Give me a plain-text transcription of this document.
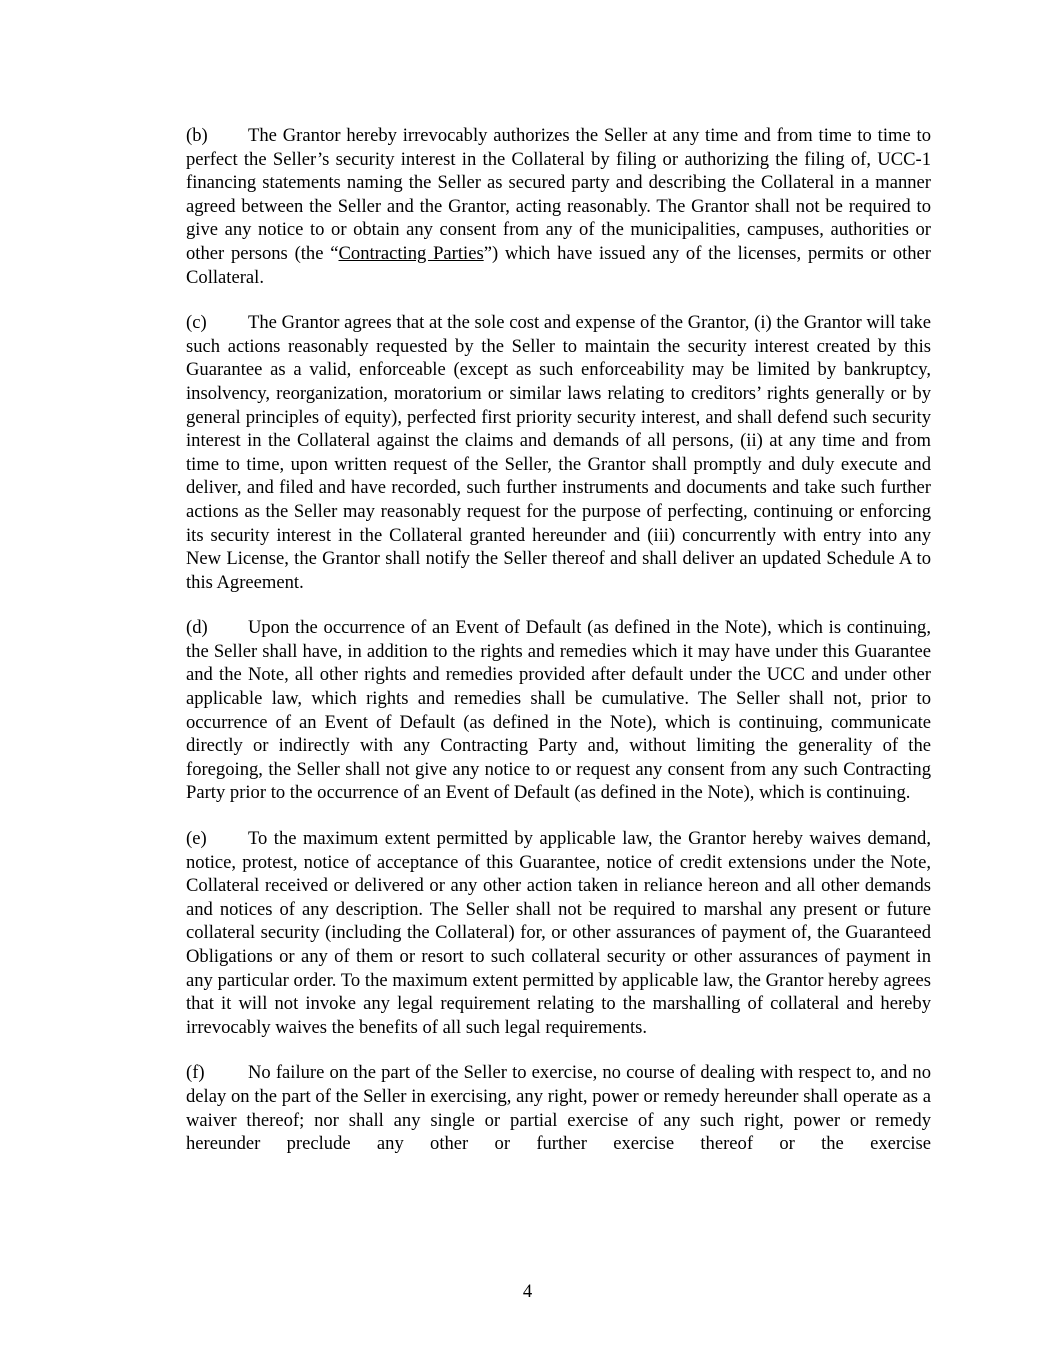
(b) The Grantor hereby irrevocably authorizes the Seller at any time and from time to time to perfect the Seller’s security interest in the Collateral by filing or authorizing the filing of, UCC-1 financing statements naming the Seller as secured party and describing the Collateral in a manner agreed between the Seller and the Grantor, acting reasonably. The Grantor shall not be required to give any notice to or obtain any consent from any of the municipalities, campuses, authorities or other persons (the “Contracting Parties”) which have issued any of the licenses, permits or other Collateral.

(c) The Grantor agrees that at the sole cost and expense of the Grantor, (i) the Grantor will take such actions reasonably requested by the Seller to maintain the security interest created by this Guarantee as a valid, enforceable (except as such enforceability may be limited by bankruptcy, insolvency, reorganization, moratorium or similar laws relating to creditors’ rights generally or by general principles of equity), perfected first priority security interest, and shall defend such security interest in the Collateral against the claims and demands of all persons, (ii) at any time and from time to time, upon written request of the Seller, the Grantor shall promptly and duly execute and deliver, and filed and have recorded, such further instruments and documents and take such further actions as the Seller may reasonably request for the purpose of perfecting, continuing or enforcing its security interest in the Collateral granted hereunder and (iii) concurrently with entry into any New License, the Grantor shall notify the Seller thereof and shall deliver an updated Schedule A to this Agreement.

(d) Upon the occurrence of an Event of Default (as defined in the Note), which is continuing, the Seller shall have, in addition to the rights and remedies which it may have under this Guarantee and the Note, all other rights and remedies provided after default under the UCC and under other applicable law, which rights and remedies shall be cumulative. The Seller shall not, prior to occurrence of an Event of Default (as defined in the Note), which is continuing, communicate directly or indirectly with any Contracting Party and, without limiting the generality of the foregoing, the Seller shall not give any notice to or request any consent from any such Contracting Party prior to the occurrence of an Event of Default (as defined in the Note), which is continuing.

(e) To the maximum extent permitted by applicable law, the Grantor hereby waives demand, notice, protest, notice of acceptance of this Guarantee, notice of credit extensions under the Note, Collateral received or delivered or any other action taken in reliance hereon and all other demands and notices of any description. The Seller shall not be required to marshal any present or future collateral security (including the Collateral) for, or other assurances of payment of, the Guaranteed Obligations or any of them or resort to such collateral security or other assurances of payment in any particular order. To the maximum extent permitted by applicable law, the Grantor hereby agrees that it will not invoke any legal requirement relating to the marshalling of collateral and hereby irrevocably waives the benefits of all such legal requirements.

(f) No failure on the part of the Seller to exercise, no course of dealing with respect to, and no delay on the part of the Seller in exercising, any right, power or remedy hereunder shall operate as a waiver thereof; nor shall any single or partial exercise of any such right, power or remedy hereunder preclude any other or further exercise thereof or the exercise

4
